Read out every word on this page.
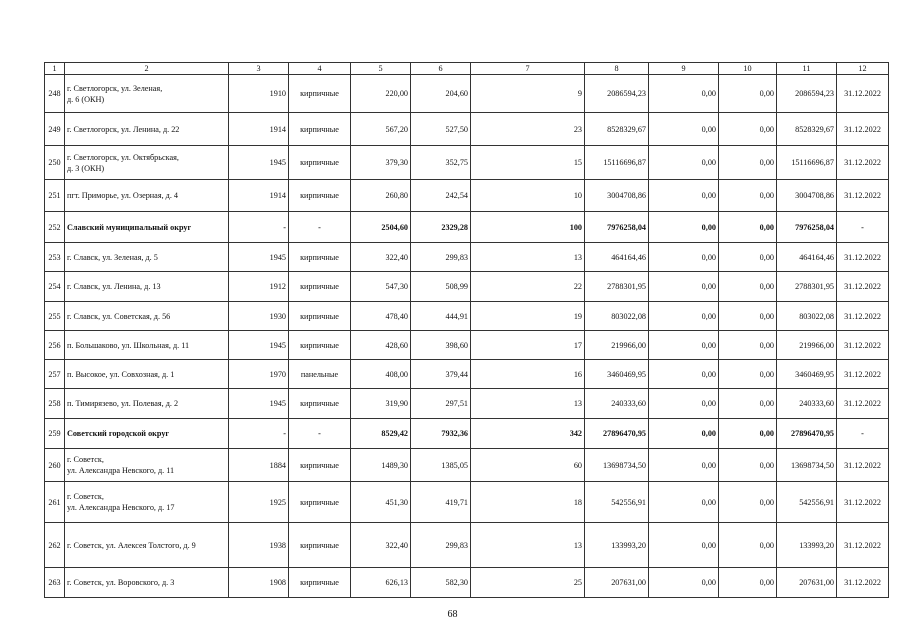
1	2	3	4	5	6	7	8	9	10	11	12
248	г. Светлогорск, ул. Зеленая,
д. 6 (ОКН)	1910	кирпичные	220,00	204,60	9	2086594,23	0,00	0,00	2086594,23	31.12.2022
249	г. Светлогорск, ул. Ленина, д. 22	1914	кирпичные	567,20	527,50	23	8528329,67	0,00	0,00	8528329,67	31.12.2022
250	г. Светлогорск, ул. Октябрьская,
д. 3 (ОКН)	1945	кирпичные	379,30	352,75	15	15116696,87	0,00	0,00	15116696,87	31.12.2022
251	пгт. Приморье, ул. Озерная, д. 4	1914	кирпичные	260,80	242,54	10	3004708,86	0,00	0,00	3004708,86	31.12.2022
252	Славский муниципальный округ	-	-	2504,60	2329,28	100	7976258,04	0,00	0,00	7976258,04	-
253	г. Славск, ул. Зеленая, д. 5	1945	кирпичные	322,40	299,83	13	464164,46	0,00	0,00	464164,46	31.12.2022
254	г. Славск, ул. Ленина, д. 13	1912	кирпичные	547,30	508,99	22	2788301,95	0,00	0,00	2788301,95	31.12.2022
255	г. Славск, ул. Советская, д. 56	1930	кирпичные	478,40	444,91	19	803022,08	0,00	0,00	803022,08	31.12.2022
256	п. Большаково, ул. Школьная, д. 11	1945	кирпичные	428,60	398,60	17	219966,00	0,00	0,00	219966,00	31.12.2022
257	п. Высокое, ул. Совхозная, д. 1	1970	панельные	408,00	379,44	16	3460469,95	0,00	0,00	3460469,95	31.12.2022
258	п. Тимирязево, ул. Полевая, д. 2	1945	кирпичные	319,90	297,51	13	240333,60	0,00	0,00	240333,60	31.12.2022
259	Советский городской округ	-	-	8529,42	7932,36	342	27896470,95	0,00	0,00	27896470,95	-
260	г. Советск,
ул. Александра Невского, д. 11	1884	кирпичные	1489,30	1385,05	60	13698734,50	0,00	0,00	13698734,50	31.12.2022
261	г. Советск,
ул. Александра Невского, д. 17	1925	кирпичные	451,30	419,71	18	542556,91	0,00	0,00	542556,91	31.12.2022
262	г. Советск, ул. Алексея Толстого, д. 9	1938	кирпичные	322,40	299,83	13	133993,20	0,00	0,00	133993,20	31.12.2022
263	г. Советск, ул. Воровского, д. 3	1908	кирпичные	626,13	582,30	25	207631,00	0,00	0,00	207631,00	31.12.2022
68
